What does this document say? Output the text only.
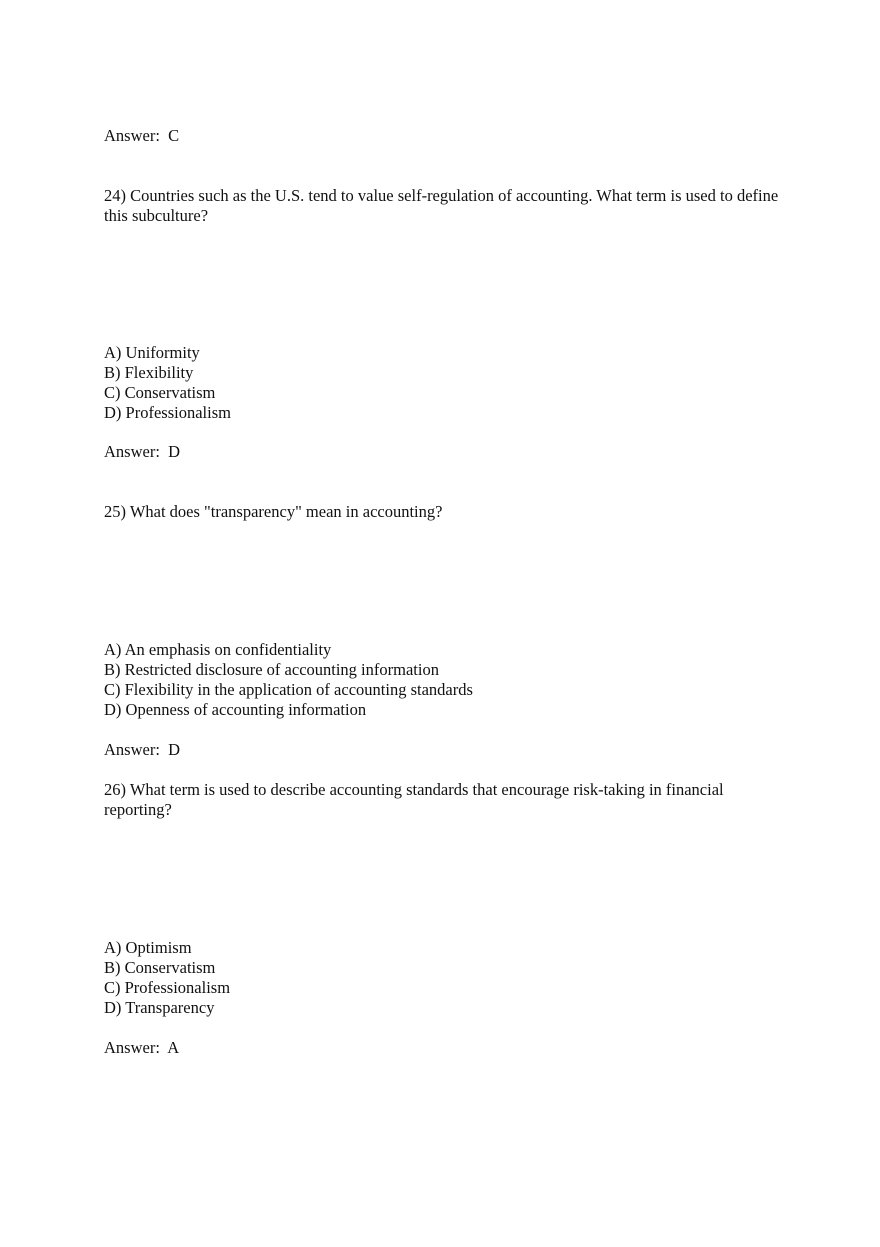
Answer:  C
24) Countries such as the U.S. tend to value self-regulation of accounting. What term is used to define this subculture?
A) Uniformity
B) Flexibility
C) Conservatism
D) Professionalism
Answer:  D
25) What does "transparency" mean in accounting?
A) An emphasis on confidentiality
B) Restricted disclosure of accounting information
C) Flexibility in the application of accounting standards
D) Openness of accounting information
Answer:  D
26) What term is used to describe accounting standards that encourage risk-taking in financial reporting?
A) Optimism
B) Conservatism
C) Professionalism
D) Transparency
Answer:  A
